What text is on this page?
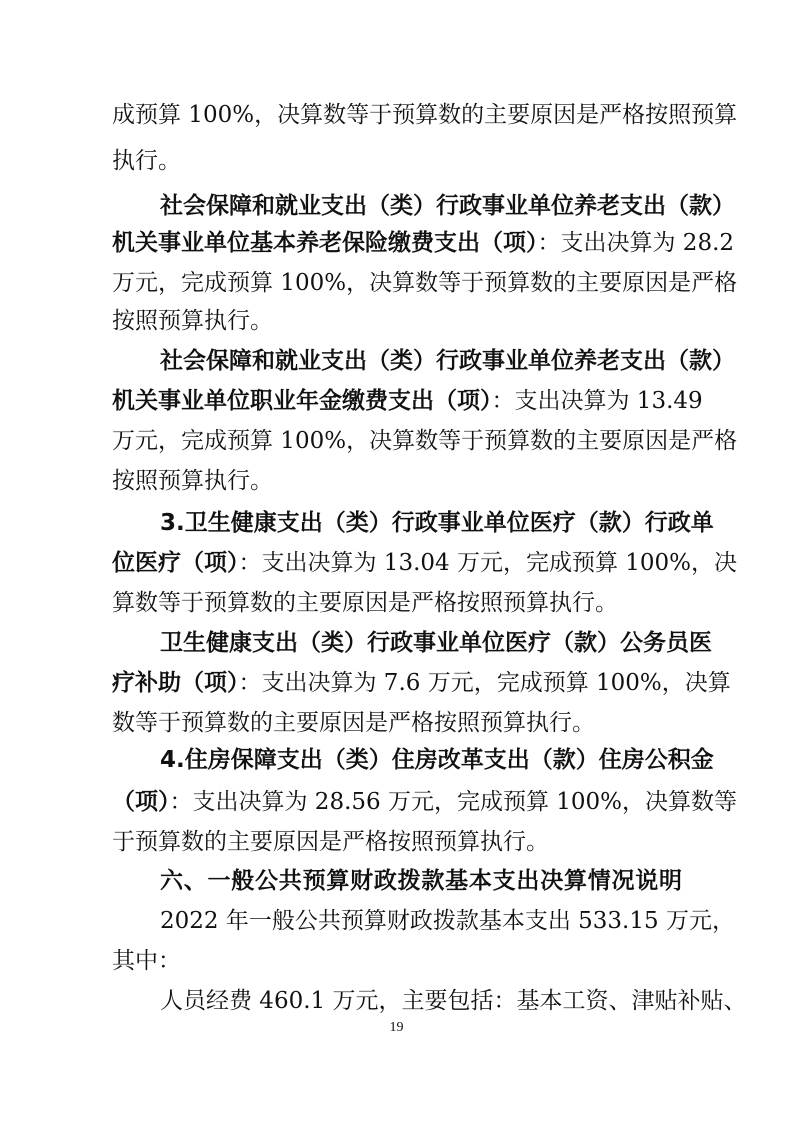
成预算 100%，决算数等于预算数的主要原因是严格按照预算
执行。
社会保障和就业支出（类）行政事业单位养老支出（款）
机关事业单位基本养老保险缴费支出（项）：支出决算为 28.2
万元，完成预算 100%，决算数等于预算数的主要原因是严格
按照预算执行。
社会保障和就业支出（类）行政事业单位养老支出（款）
机关事业单位职业年金缴费支出（项）：支出决算为 13.49
万元，完成预算 100%，决算数等于预算数的主要原因是严格
按照预算执行。
3.卫生健康支出（类）行政事业单位医疗（款）行政单
位医疗（项）：支出决算为 13.04 万元，完成预算 100%，决
算数等于预算数的主要原因是严格按照预算执行。
卫生健康支出（类）行政事业单位医疗（款）公务员医
疗补助（项）：支出决算为 7.6 万元，完成预算 100%，决算
数等于预算数的主要原因是严格按照预算执行。
4.住房保障支出（类）住房改革支出（款）住房公积金
（项）：支出决算为 28.56 万元，完成预算 100%，决算数等
于预算数的主要原因是严格按照预算执行。
六、一般公共预算财政拨款基本支出决算情况说明
2022 年一般公共预算财政拨款基本支出 533.15 万元，
其中：
人员经费 460.1 万元，主要包括：基本工资、津贴补贴、
19
